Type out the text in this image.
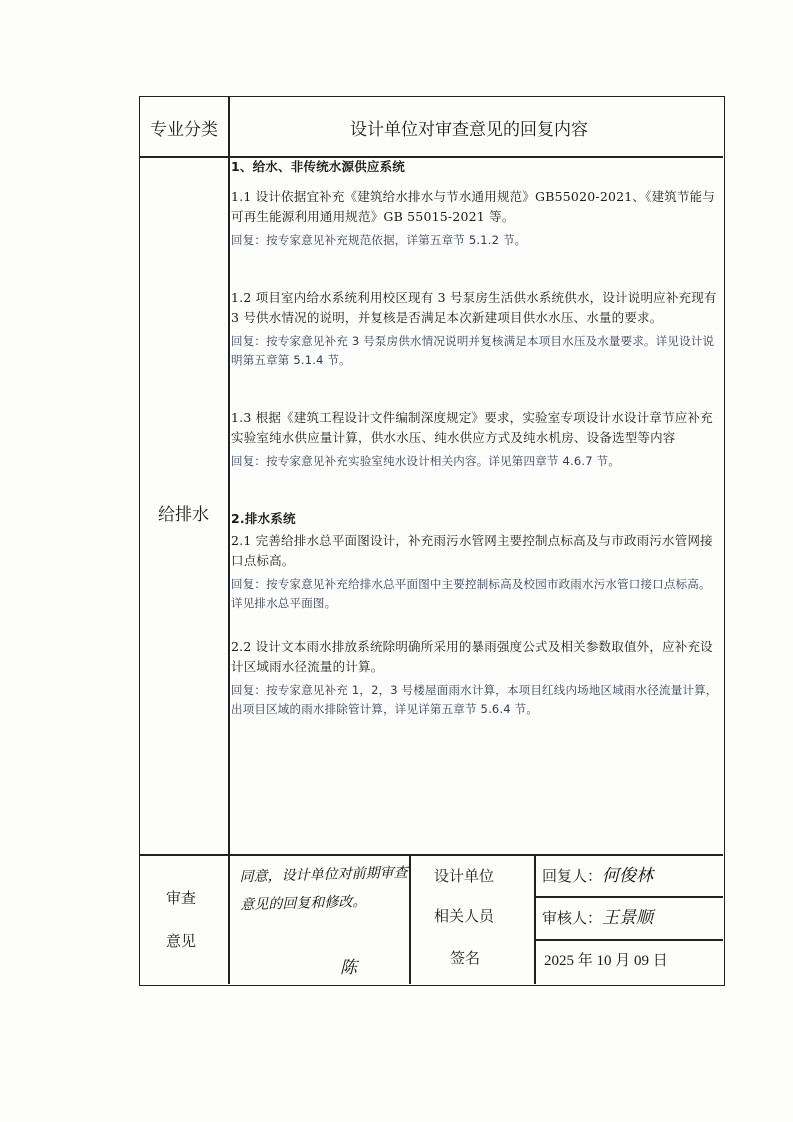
专业分类	设计单位对审查意见的回复内容
给排水

1、给水、非传统水源供应系统

1.1 设计依据宜补充《建筑给水排水与节水通用规范》GB55020-2021、《建筑节能与可再生能源利用通用规范》GB 55015-2021 等。

回复：按专家意见补充规范依据，详第五章节 5.1.2 节。

1.2 项目室内给水系统利用校区现有 3 号泵房生活供水系统供水，设计说明应补充现有 3 号供水情况的说明，并复核是否满足本次新建项目供水水压、水量的要求。

回复：按专家意见补充 3 号泵房供水情况说明并复核满足本项目水压及水量要求。详见设计说明第五章第 5.1.4 节。

1.3 根据《建筑工程设计文件编制深度规定》要求，实验室专项设计水设计章节应补充实验室纯水供应量计算，供水水压、纯水供应方式及纯水机房、设备选型等内容

回复：按专家意见补充实验室纯水设计相关内容。详见第四章节 4.6.7 节。

2.排水系统

2.1 完善给排水总平面图设计，补充雨污水管网主要控制点标高及与市政雨污水管网接口点标高。

回复：按专家意见补充给排水总平面图中主要控制标高及校园市政雨水污水管口接口点标高。详见排水总平面图。

2.2 设计文本雨水排放系统除明确所采用的暴雨强度公式及相关参数取值外，应补充设计区域雨水径流量的计算。

回复：按专家意见补充 1，2，3 号楼屋面雨水计算，本项目红线内场地区域雨水径流量计算，出项目区域的雨水排除管计算，详见详第五章节 5.6.4 节。

审查
意见
同意，设计单位对前期审查意见的回复和修改。
陈
设计单位
相关人员
签名
回复人： 何俊林
审核人： 王景顺
2025 年 10 月 09 日
